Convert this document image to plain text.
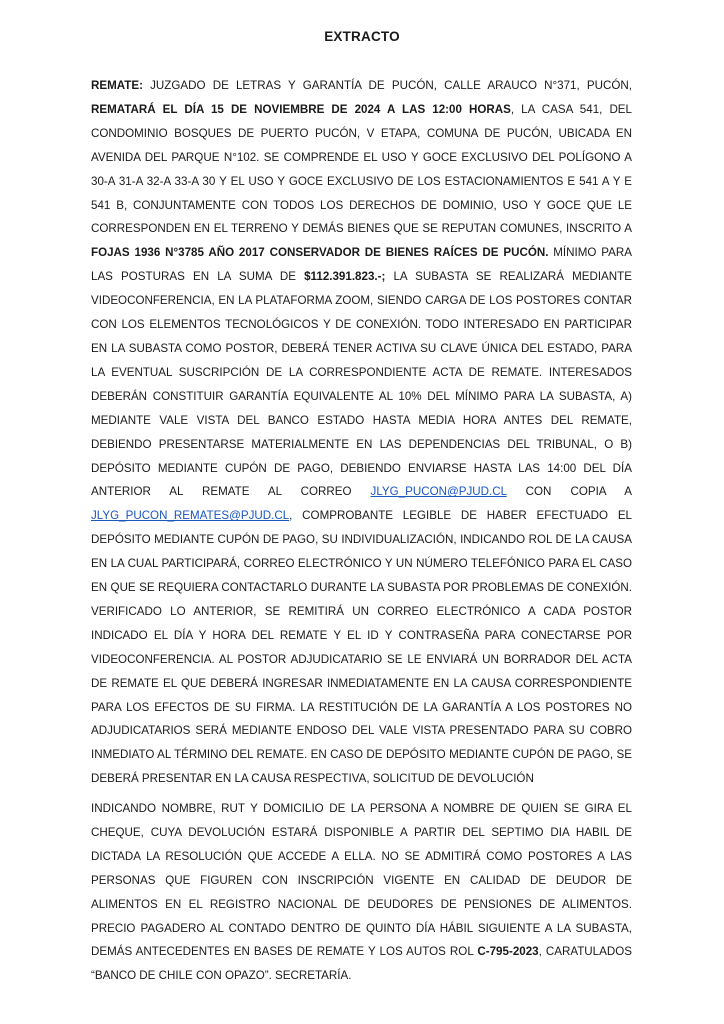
EXTRACTO
REMATE: JUZGADO DE LETRAS Y GARANTÍA DE PUCÓN, CALLE ARAUCO N°371, PUCÓN, REMATARÁ EL DÍA 15 DE NOVIEMBRE DE 2024 A LAS 12:00 HORAS, LA CASA 541, DEL CONDOMINIO BOSQUES DE PUERTO PUCÓN, V ETAPA, COMUNA DE PUCÓN, UBICADA EN AVENIDA DEL PARQUE N°102. SE COMPRENDE EL USO Y GOCE EXCLUSIVO DEL POLÍGONO A 30-A 31-A 32-A 33-A 30 Y EL USO Y GOCE EXCLUSIVO DE LOS ESTACIONAMIENTOS E 541 A Y E 541 B, CONJUNTAMENTE CON TODOS LOS DERECHOS DE DOMINIO, USO Y GOCE QUE LE CORRESPONDEN EN EL TERRENO Y DEMÁS BIENES QUE SE REPUTAN COMUNES, INSCRITO A FOJAS 1936 N°3785 AÑO 2017 CONSERVADOR DE BIENES RAÍCES DE PUCÓN. MÍNIMO PARA LAS POSTURAS EN LA SUMA DE $112.391.823.-; LA SUBASTA SE REALIZARÁ MEDIANTE VIDEOCONFERENCIA, EN LA PLATAFORMA ZOOM, SIENDO CARGA DE LOS POSTORES CONTAR CON LOS ELEMENTOS TECNOLÓGICOS Y DE CONEXIÓN. TODO INTERESADO EN PARTICIPAR EN LA SUBASTA COMO POSTOR, DEBERÁ TENER ACTIVA SU CLAVE ÚNICA DEL ESTADO, PARA LA EVENTUAL SUSCRIPCIÓN DE LA CORRESPONDIENTE ACTA DE REMATE. INTERESADOS DEBERÁN CONSTITUIR GARANTÍA EQUIVALENTE AL 10% DEL MÍNIMO PARA LA SUBASTA, A) MEDIANTE VALE VISTA DEL BANCO ESTADO HASTA MEDIA HORA ANTES DEL REMATE, DEBIENDO PRESENTARSE MATERIALMENTE EN LAS DEPENDENCIAS DEL TRIBUNAL, O B) DEPÓSITO MEDIANTE CUPÓN DE PAGO, DEBIENDO ENVIARSE HASTA LAS 14:00 DEL DÍA ANTERIOR AL REMATE AL CORREO JLYG_PUCON@PJUD.CL CON COPIA A JLYG_PUCON_REMATES@PJUD.CL, COMPROBANTE LEGIBLE DE HABER EFECTUADO EL DEPÓSITO MEDIANTE CUPÓN DE PAGO, SU INDIVIDUALIZACIÓN, INDICANDO ROL DE LA CAUSA EN LA CUAL PARTICIPARÁ, CORREO ELECTRÓNICO Y UN NÚMERO TELEFÓNICO PARA EL CASO EN QUE SE REQUIERA CONTACTARLO DURANTE LA SUBASTA POR PROBLEMAS DE CONEXIÓN. VERIFICADO LO ANTERIOR, SE REMITIRÁ UN CORREO ELECTRÓNICO A CADA POSTOR INDICADO EL DÍA Y HORA DEL REMATE Y EL ID Y CONTRASEÑA PARA CONECTARSE POR VIDEOCONFERENCIA. AL POSTOR ADJUDICATARIO SE LE ENVIARÁ UN BORRADOR DEL ACTA DE REMATE EL QUE DEBERÁ INGRESAR INMEDIATAMENTE EN LA CAUSA CORRESPONDIENTE PARA LOS EFECTOS DE SU FIRMA. LA RESTITUCIÓN DE LA GARANTÍA A LOS POSTORES NO ADJUDICATARIOS SERÁ MEDIANTE ENDOSO DEL VALE VISTA PRESENTADO PARA SU COBRO INMEDIATO AL TÉRMINO DEL REMATE. EN CASO DE DEPÓSITO MEDIANTE CUPÓN DE PAGO, SE DEBERÁ PRESENTAR EN LA CAUSA RESPECTIVA, SOLICITUD DE DEVOLUCIÓN
INDICANDO NOMBRE, RUT Y DOMICILIO DE LA PERSONA A NOMBRE DE QUIEN SE GIRA EL CHEQUE, CUYA DEVOLUCIÓN ESTARÁ DISPONIBLE A PARTIR DEL SEPTIMO DIA HABIL DE DICTADA LA RESOLUCIÓN QUE ACCEDE A ELLA. NO SE ADMITIRÁ COMO POSTORES A LAS PERSONAS QUE FIGUREN CON INSCRIPCIÓN VIGENTE EN CALIDAD DE DEUDOR DE ALIMENTOS EN EL REGISTRO NACIONAL DE DEUDORES DE PENSIONES DE ALIMENTOS. PRECIO PAGADERO AL CONTADO DENTRO DE QUINTO DÍA HÁBIL SIGUIENTE A LA SUBASTA, DEMÁS ANTECEDENTES EN BASES DE REMATE Y LOS AUTOS ROL C-795-2023, CARATULADOS “BANCO DE CHILE CON OPAZO”. SECRETARÍA.
